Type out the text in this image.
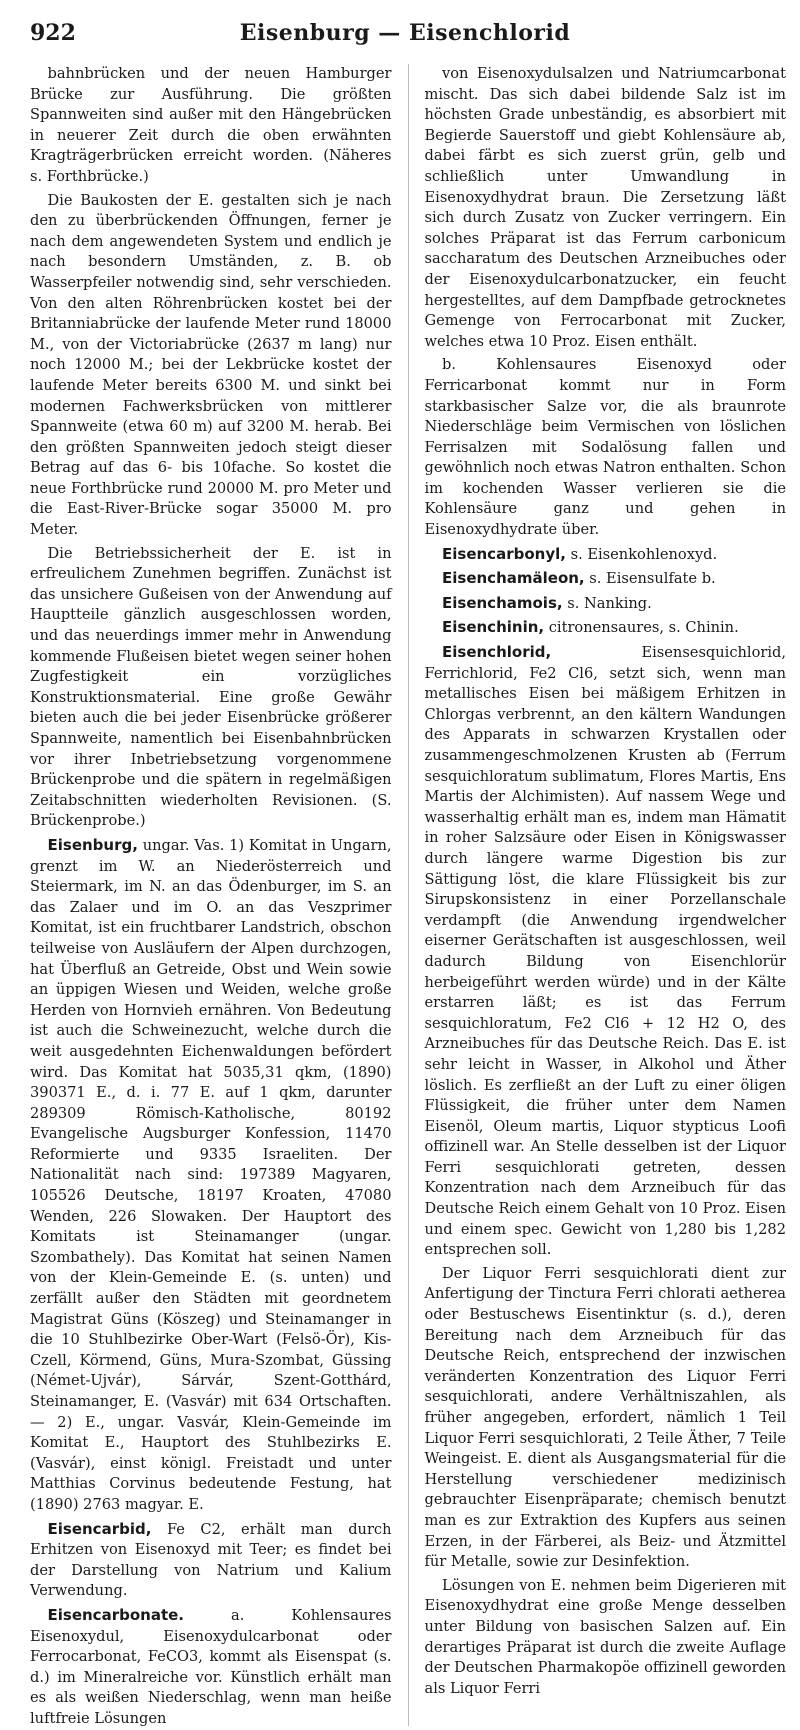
922	Eisenburg — Eisenchlorid

bahnbrücken und der neuen Hamburger Brücke zur Ausführung. Die größten Spannweiten sind außer mit den Hängebrücken in neuerer Zeit durch die oben erwähnten Kragträgerbrücken erreicht worden. (Näheres s. Forthbrücke.)

Die Baukosten der E. gestalten sich je nach den zu überbrückenden Öffnungen, ferner je nach dem angewendeten System und endlich je nach besondern Umständen, z. B. ob Wasserpfeiler notwendig sind, sehr verschieden. Von den alten Röhrenbrücken kostet bei der Britanniabrücke der laufende Meter rund 18000 M., von der Victoriabrücke (2637 m lang) nur noch 12000 M.; bei der Lekbrücke kostet der laufende Meter bereits 6300 M. und sinkt bei modernen Fachwerksbrücken von mittlerer Spannweite (etwa 60 m) auf 3200 M. herab. Bei den größten Spannweiten jedoch steigt dieser Betrag auf das 6- bis 10fache. So kostet die neue Forthbrücke rund 20000 M. pro Meter und die East-River-Brücke sogar 35000 M. pro Meter.

Die Betriebssicherheit der E. ist in erfreulichem Zunehmen begriffen. Zunächst ist das unsichere Gußeisen von der Anwendung auf Hauptteile gänzlich ausgeschlossen worden, und das neuerdings immer mehr in Anwendung kommende Flußeisen bietet wegen seiner hohen Zugfestigkeit ein vorzügliches Konstruktionsmaterial. Eine große Gewähr bieten auch die bei jeder Eisenbrücke größerer Spannweite, namentlich bei Eisenbahnbrücken vor ihrer Inbetriebsetzung vorgenommene Brückenprobe und die spätern in regelmäßigen Zeitabschnitten wiederholten Revisionen. (S. Brückenprobe.)

Eisenburg, ungar. Vas. 1) Komitat in Ungarn, grenzt im W. an Niederösterreich und Steiermark, im N. an das Ödenburger, im S. an das Zalaer und im O. an das Veszprimer Komitat, ist ein fruchtbarer Landstrich, obschon teilweise von Ausläufern der Alpen durchzogen, hat Überfluß an Getreide, Obst und Wein sowie an üppigen Wiesen und Weiden, welche große Herden von Hornvieh ernähren. Von Bedeutung ist auch die Schweinezucht, welche durch die weit ausgedehnten Eichenwaldungen befördert wird. Das Komitat hat 5035,31 qkm, (1890) 390371 E., d. i. 77 E. auf 1 qkm, darunter 289309 Römisch-Katholische, 80192 Evangelische Augsburger Konfession, 11470 Reformierte und 9335 Israeliten. Der Nationalität nach sind: 197389 Magyaren, 105526 Deutsche, 18197 Kroaten, 47080 Wenden, 226 Slowaken. Der Hauptort des Komitats ist Steinamanger (ungar. Szombathely). Das Komitat hat seinen Namen von der Klein-Gemeinde E. (s. unten) und zerfällt außer den Städten mit geordnetem Magistrat Güns (Köszeg) und Steinamanger in die 10 Stuhlbezirke Ober-Wart (Felsö-Ör), Kis-Czell, Körmend, Güns, Mura-Szombat, Güssing (Német-Ujvár), Sárvár, Szent-Gotthárd, Steinamanger, E. (Vasvár) mit 634 Ortschaften. — 2) E., ungar. Vasvár, Klein-Gemeinde im Komitat E., Hauptort des Stuhlbezirks E. (Vasvár), einst königl. Freistadt und unter Matthias Corvinus bedeutende Festung, hat (1890) 2763 magyar. E.

Eisencarbid, Fe C2, erhält man durch Erhitzen von Eisenoxyd mit Teer; es findet bei der Darstellung von Natrium und Kalium Verwendung.

Eisencarbonate.	a. Kohlensaures Eisenoxydul, Eisenoxydulcarbonat oder Ferrocarbonat, FeCO3, kommt als Eisenspat (s. d.) im Mineralreiche vor. Künstlich erhält man es als weißen Niederschlag, wenn man heiße luftfreie Lösungen

von Eisenoxydulsalzen und Natriumcarbonat mischt. Das sich dabei bildende Salz ist im höchsten Grade unbeständig, es absorbiert mit Begierde Sauerstoff und giebt Kohlensäure ab, dabei färbt es sich zuerst grün, gelb und schließlich unter Umwandlung in Eisenoxydhydrat braun. Die Zersetzung läßt sich durch Zusatz von Zucker verringern. Ein solches Präparat ist das Ferrum carbonicum saccharatum des Deutschen Arzneibuches oder der Eisenoxydulcarbonatzucker, ein feucht hergestelltes, auf dem Dampfbade getrocknetes Gemenge von Ferrocarbonat mit Zucker, welches etwa 10 Proz. Eisen enthält.

b. Kohlensaures Eisenoxyd oder Ferricarbonat kommt nur in Form starkbasischer Salze vor, die als braunrote Niederschläge beim Vermischen von löslichen Ferrisalzen mit Sodalösung fallen und gewöhnlich noch etwas Natron enthalten. Schon im kochenden Wasser verlieren sie die Kohlensäure ganz und gehen in Eisenoxydhydrate über.

Eisencarbonyl, s. Eisenkohlenoxyd.

Eisenchamäleon, s. Eisensulfate b.

Eisenchamois, s. Nanking.

Eisenchinin, citronensaures, s. Chinin.

Eisenchlorid,	Eisensesquichlorid, Ferrichlorid, Fe2 Cl6, setzt sich, wenn man metallisches Eisen bei mäßigem Erhitzen in Chlorgas verbrennt, an den kältern Wandungen des Apparats in schwarzen Krystallen oder zusammengeschmolzenen Krusten ab (Ferrum sesquichloratum sublimatum, Flores Martis, Ens Martis der Alchimisten). Auf nassem Wege und wasserhaltig erhält man es, indem man Hämatit in roher Salzsäure oder Eisen in Königswasser durch längere warme Digestion bis zur Sättigung löst, die klare Flüssigkeit bis zur Sirupskonsistenz in einer Porzellanschale verdampft (die Anwendung irgendwelcher eiserner Gerätschaften ist ausgeschlossen, weil dadurch Bildung von Eisenchlorür herbeigeführt werden würde) und in der Kälte erstarren läßt; es ist das Ferrum sesquichloratum, Fe2 Cl6 + 12 H2 O, des Arzneibuches für das Deutsche Reich. Das E. ist sehr leicht in Wasser, in Alkohol und Äther löslich. Es zerfließt an der Luft zu einer öligen Flüssigkeit, die früher unter dem Namen Eisenöl, Oleum martis, Liquor stypticus Loofi offizinell war. An Stelle desselben ist der Liquor Ferri sesquichlorati getreten, dessen Konzentration nach dem Arzneibuch für das Deutsche Reich einem Gehalt von 10 Proz. Eisen und einem spec. Gewicht von 1,280 bis 1,282 entsprechen soll.

Der Liquor Ferri sesquichlorati dient zur Anfertigung der Tinctura Ferri chlorati aetherea oder Bestuschews Eisentinktur (s. d.), deren Bereitung nach dem Arzneibuch für das Deutsche Reich, entsprechend der inzwischen veränderten Konzentration des Liquor Ferri sesquichlorati, andere Verhältniszahlen, als früher angegeben, erfordert, nämlich 1 Teil Liquor Ferri sesquichlorati, 2 Teile Äther, 7 Teile Weingeist. E. dient als Ausgangsmaterial für die Herstellung verschiedener medizinisch gebrauchter Eisenpräparate; chemisch benutzt man es zur Extraktion des Kupfers aus seinen Erzen, in der Färberei, als Beiz- und Ätzmittel für Metalle, sowie zur Desinfektion.

Lösungen von E. nehmen beim Digerieren mit Eisenoxydhydrat eine große Menge desselben unter Bildung von basischen Salzen auf. Ein derartiges Präparat ist durch die zweite Auflage der Deutschen Pharmakopöe offizinell geworden als Liquor Ferri
